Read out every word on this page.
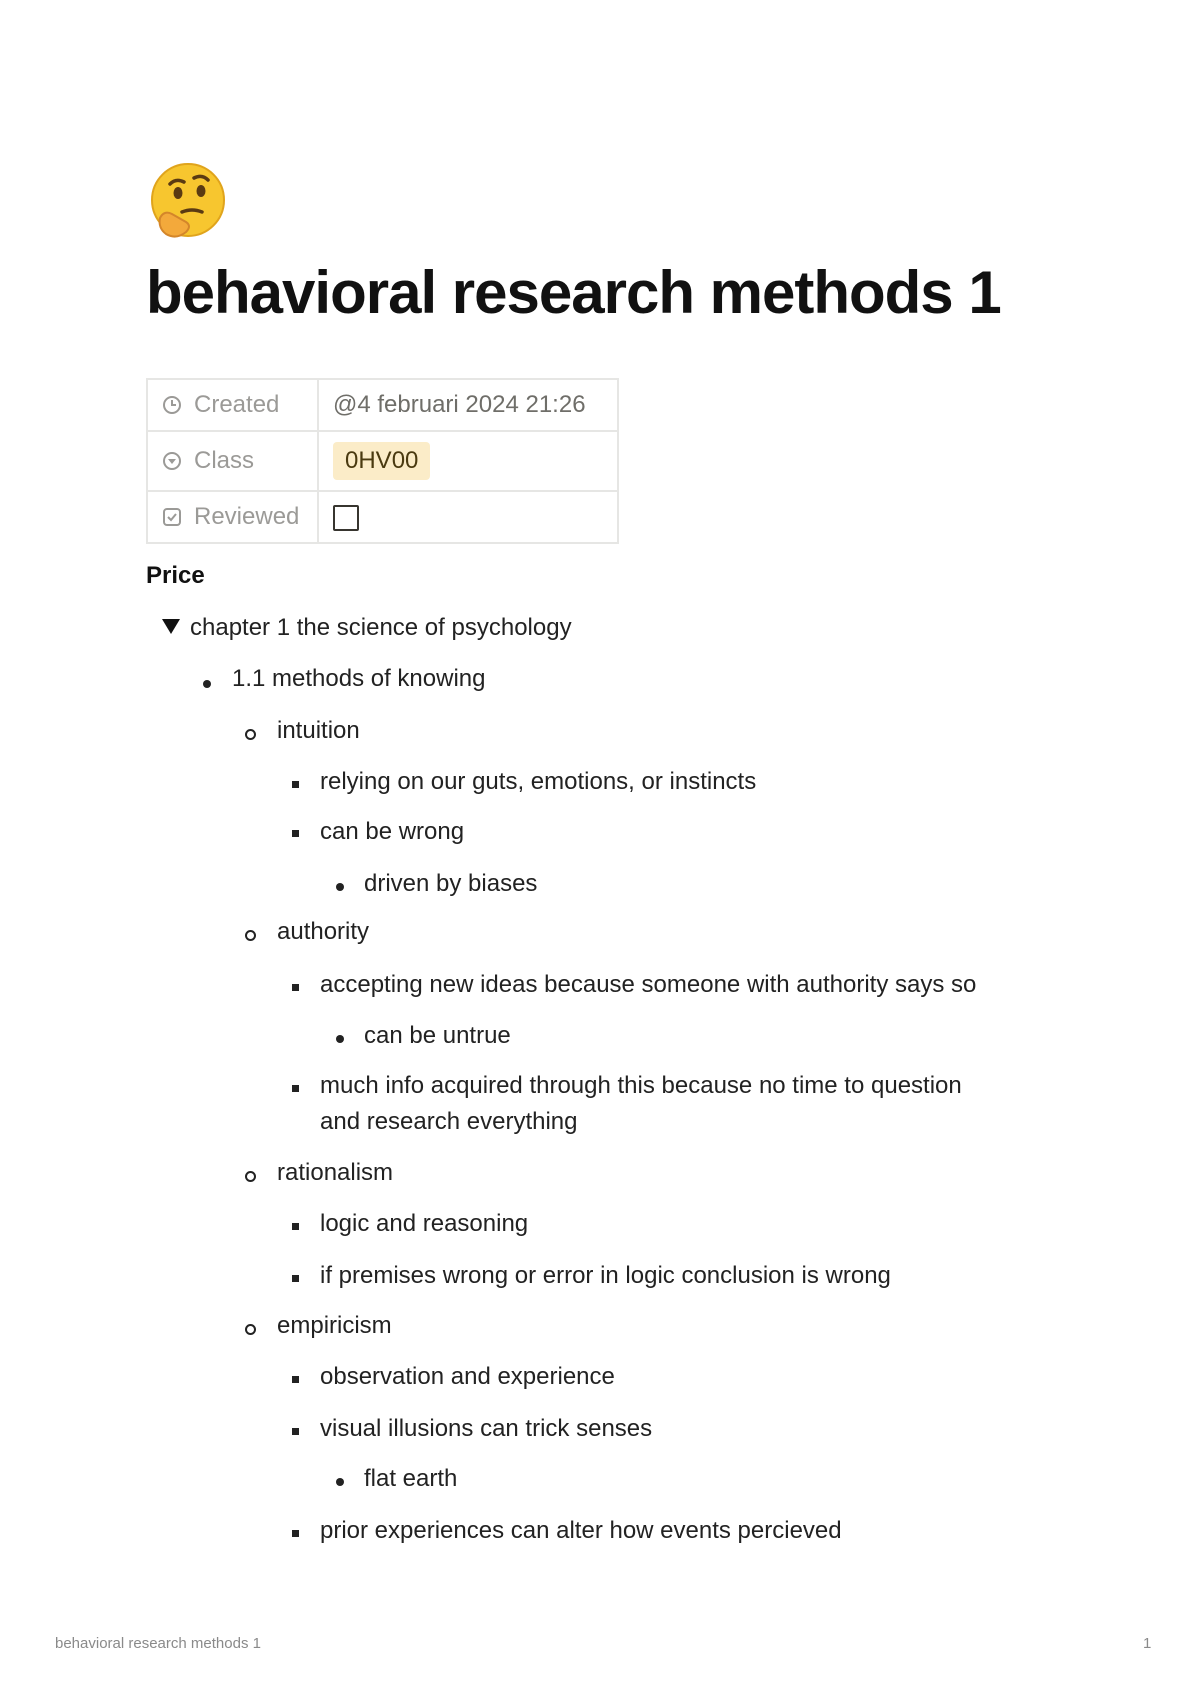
behavioral research methods 1
Created	@4 februari 2024 21:26
Class	0HV00
Reviewed	
Price
chapter 1 the science of psychology
1.1 methods of knowing
intuition
relying on our guts, emotions, or instincts
can be wrong
driven by biases
authority
accepting new ideas because someone with authority says so
can be untrue
much info acquired through this because no time to question
and research everything
rationalism
logic and reasoning
if premises wrong or error in logic conclusion is wrong
empiricism
observation and experience
visual illusions can trick senses
flat earth
prior experiences can alter how events percieved
behavioral research methods 1	1
